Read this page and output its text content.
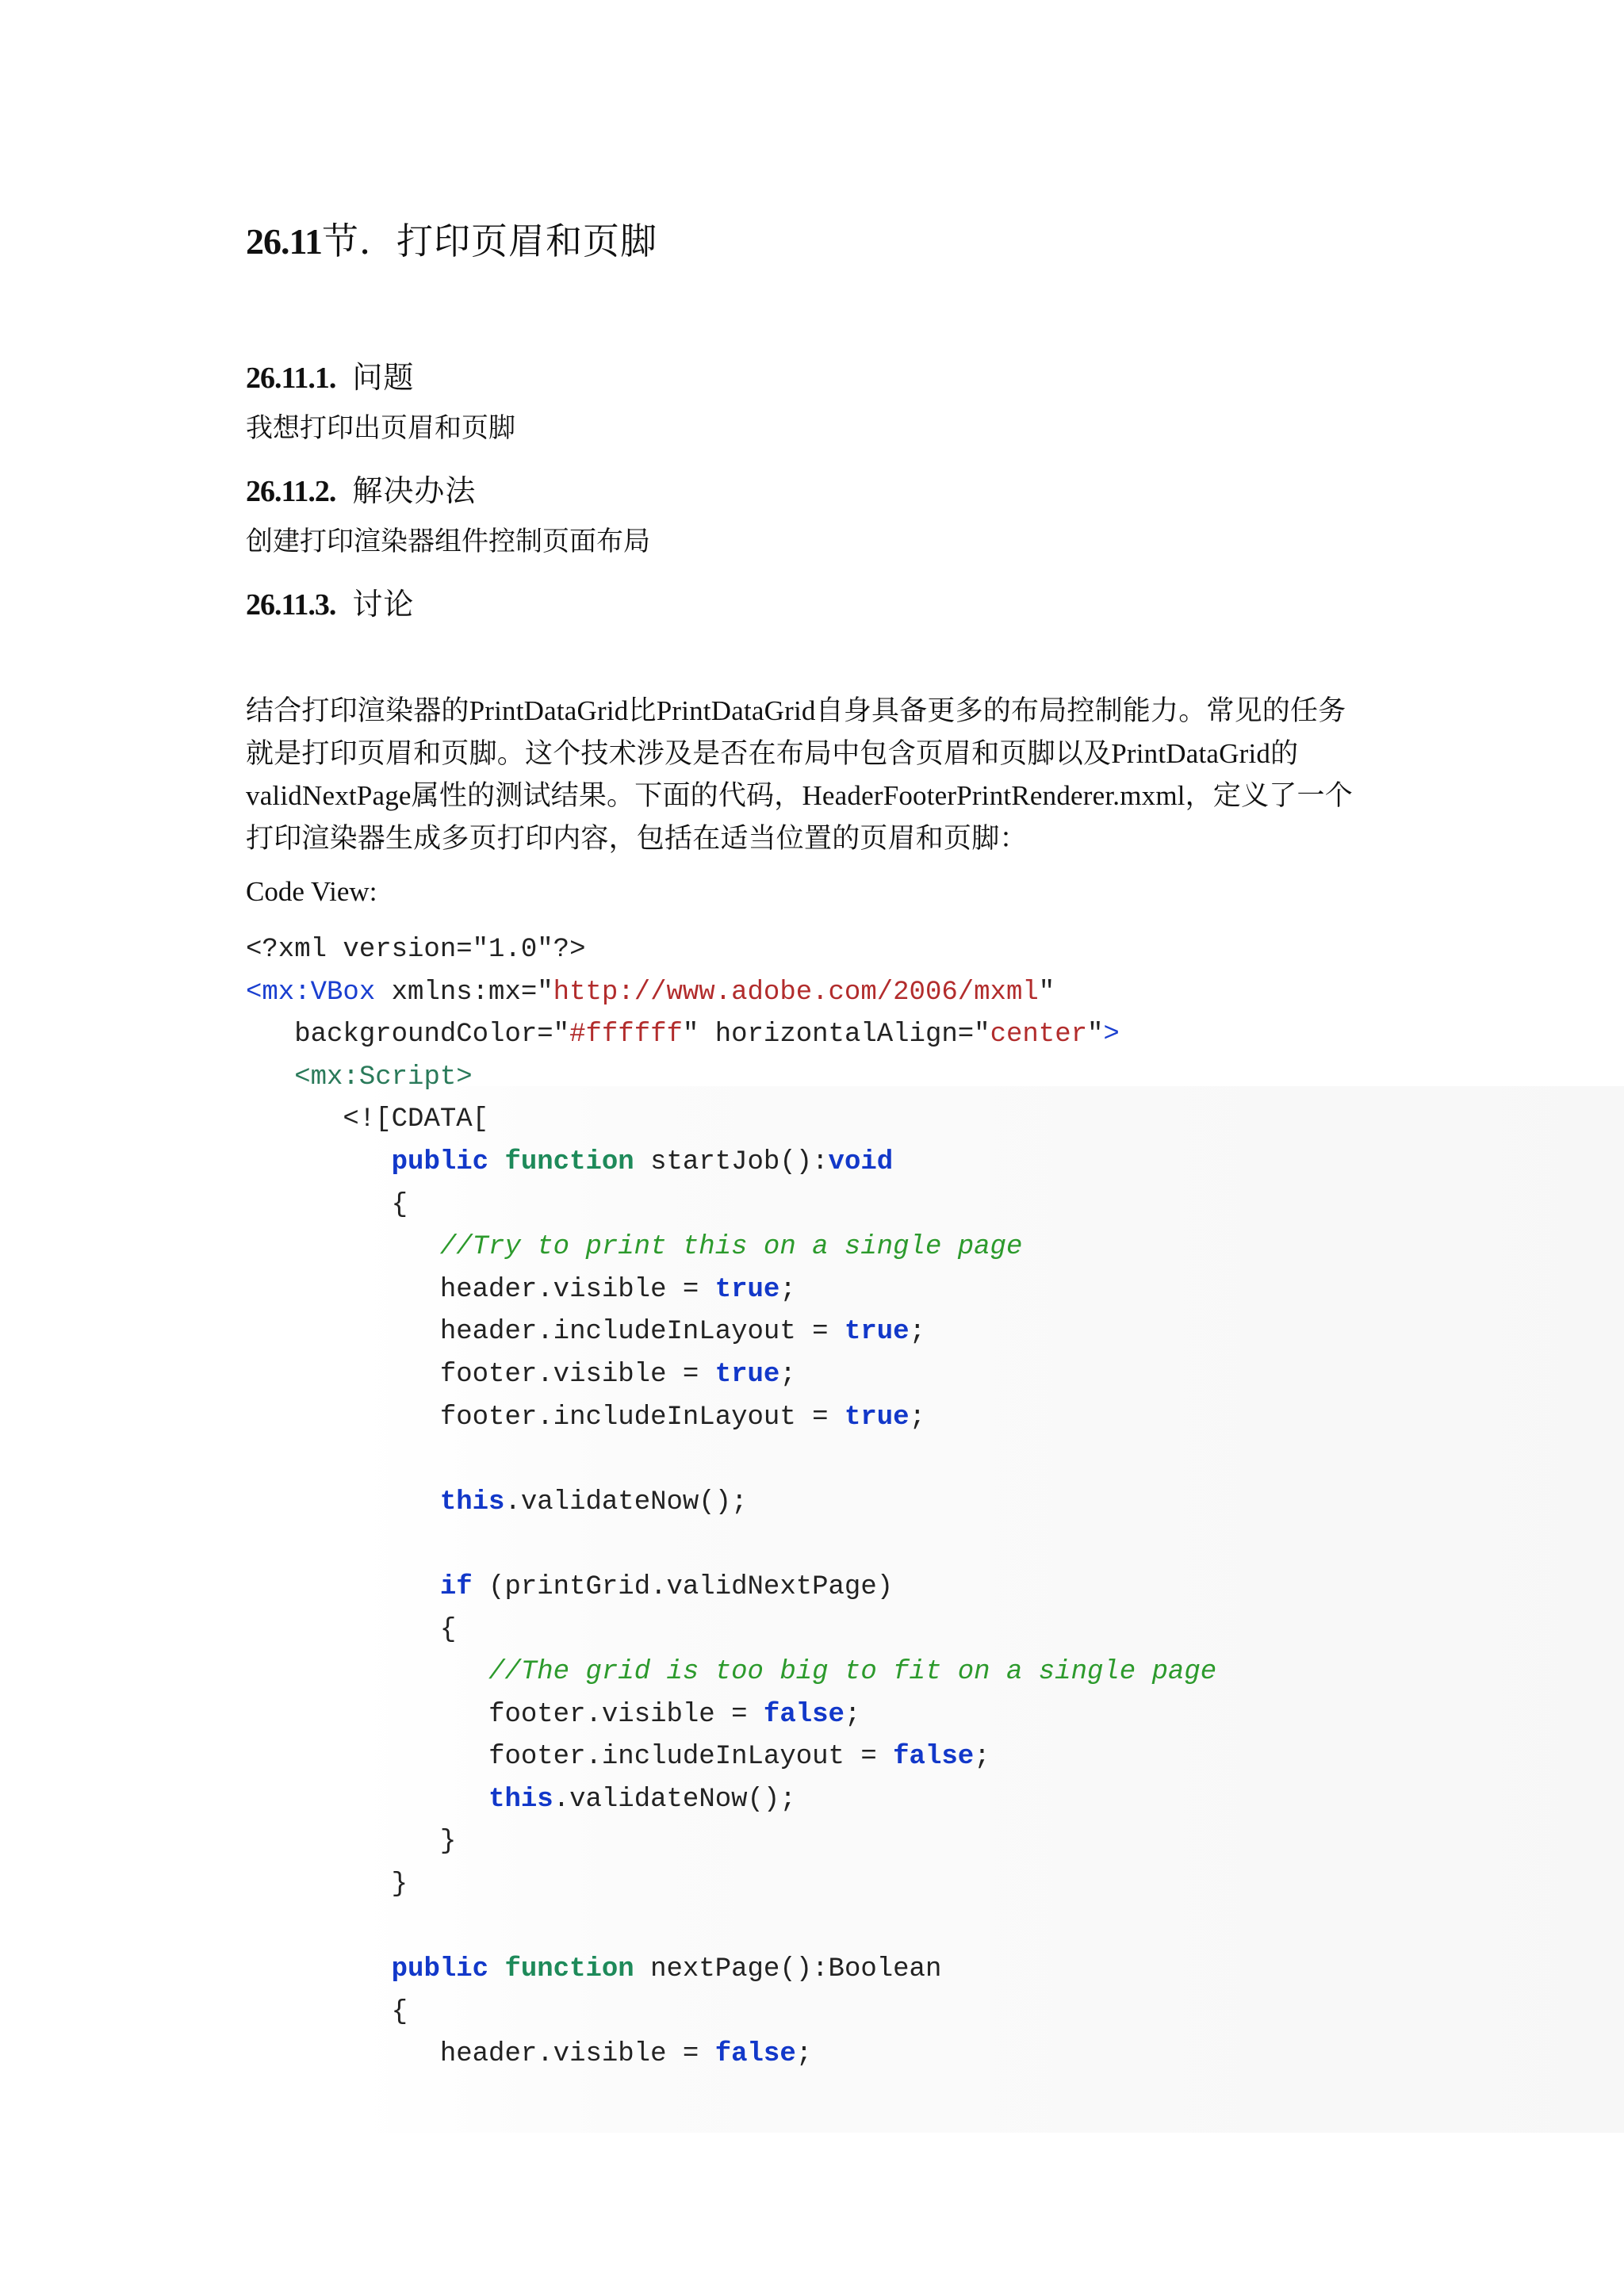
26.11节．打印页眉和页脚
26.11.1. 问题
我想打印出页眉和页脚
26.11.2. 解决办法
创建打印渲染器组件控制页面布局
26.11.3. 讨论
结合打印渲染器的PrintDataGrid比PrintDataGrid自身具备更多的布局控制能力。常见的任务
就是打印页眉和页脚。这个技术涉及是否在布局中包含页眉和页脚以及PrintDataGrid的
validNextPage属性的测试结果。下面的代码，HeaderFooterPrintRenderer.mxml，定义了一个
打印渲染器生成多页打印内容，包括在适当位置的页眉和页脚：
Code View:
<?xml version="1.0"?>
<mx:VBox xmlns:mx="http://www.adobe.com/2006/mxml"
backgroundColor="#ffffff" horizontalAlign="center">
<mx:Script>
<![CDATA[
public function startJob():void
{
//Try to print this on a single page
header.visible = true;
header.includeInLayout = true;
footer.visible = true;
footer.includeInLayout = true;

this.validateNow();

if (printGrid.validNextPage)
{
//The grid is too big to fit on a single page
footer.visible = false;
footer.includeInLayout = false;
this.validateNow();
}
}

public function nextPage():Boolean
{
header.visible = false;
